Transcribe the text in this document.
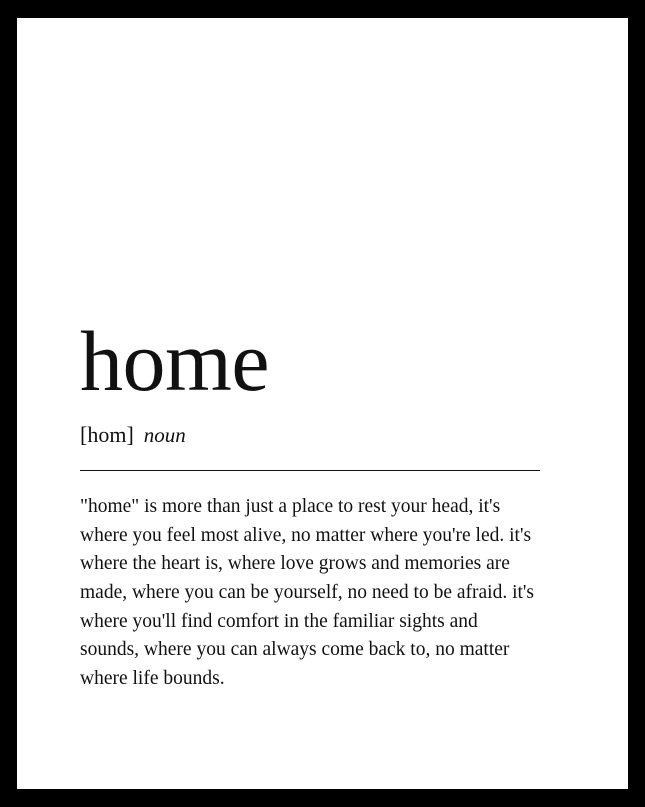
home
[hom] noun

"home" is more than just a place to rest your head, it's where you feel most alive, no matter where you're led. it's where the heart is, where love grows and memories are made, where you can be yourself, no need to be afraid. it's where you'll find comfort in the familiar sights and sounds, where you can always come back to, no matter where life bounds.
